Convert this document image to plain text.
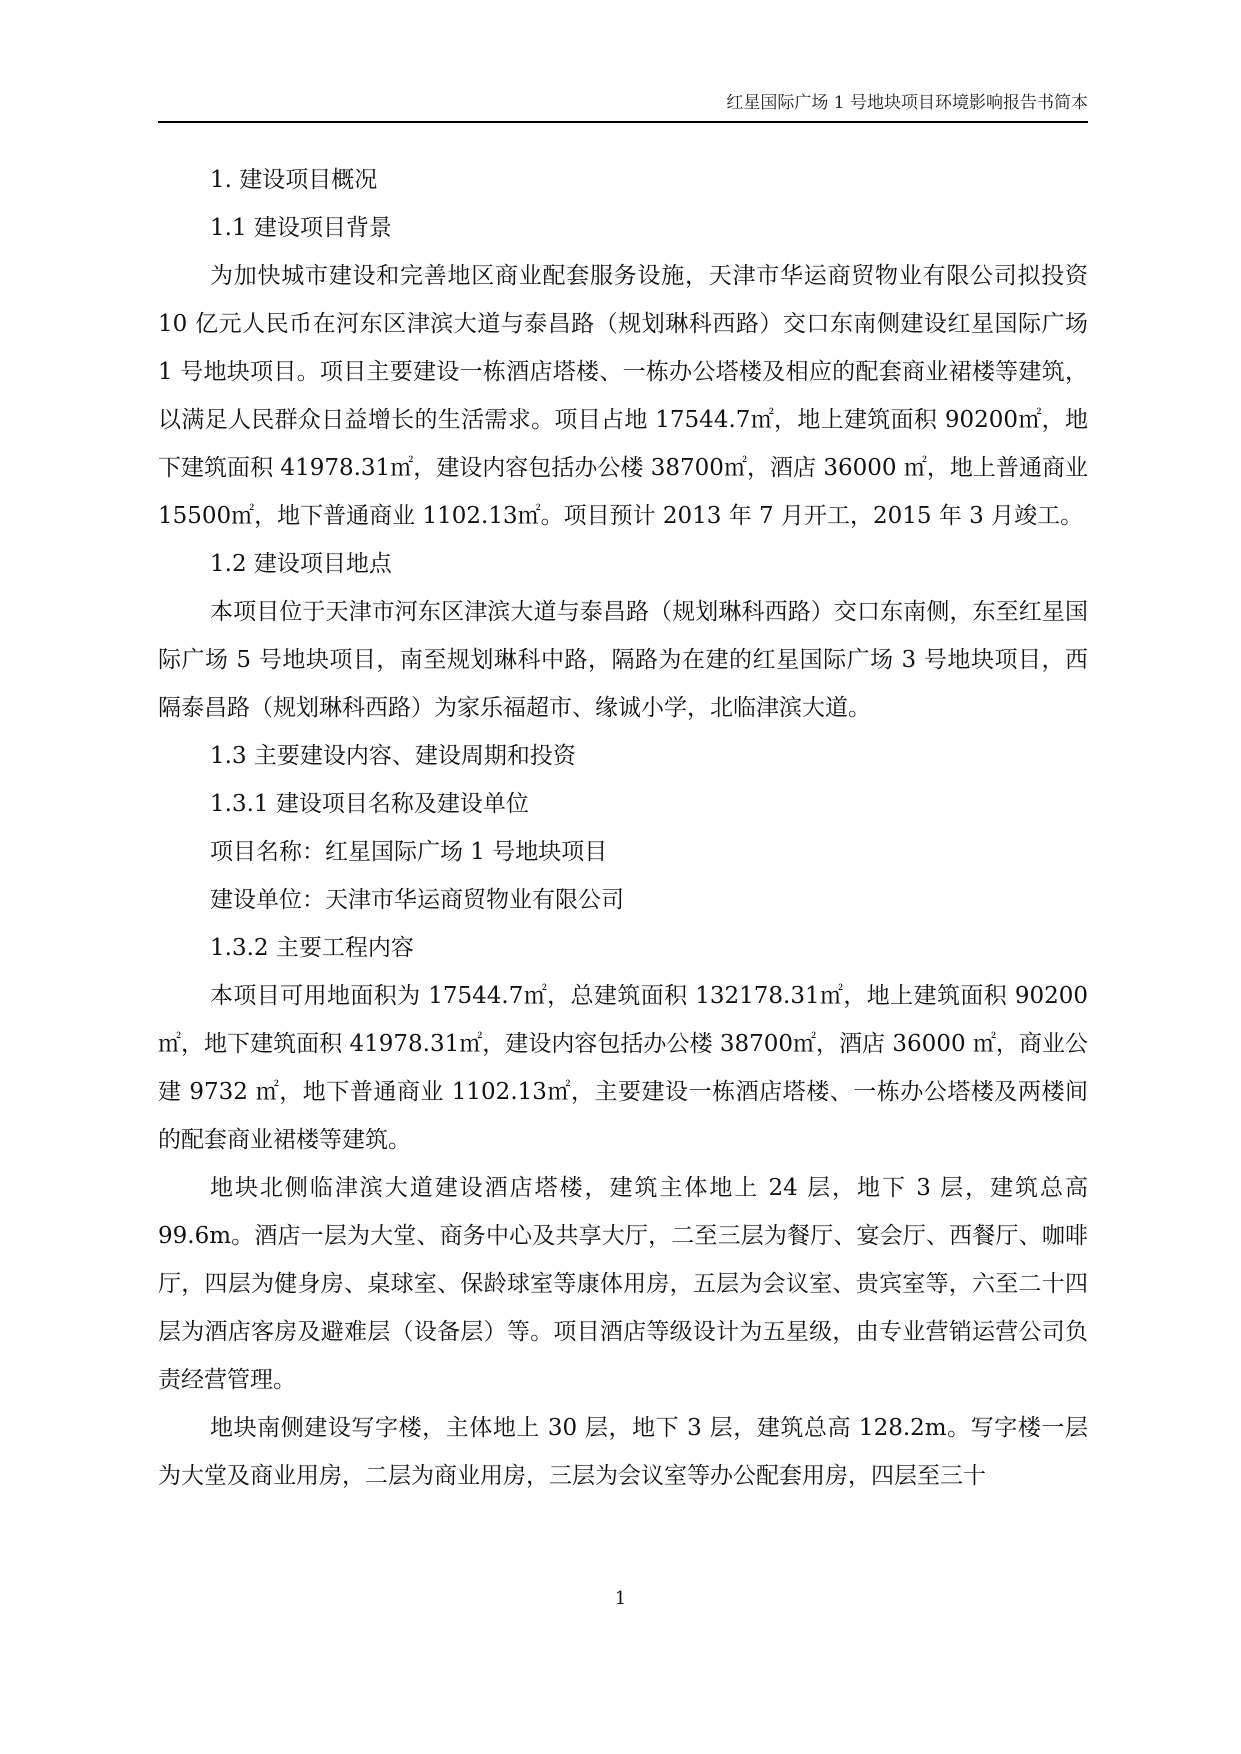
红星国际广场 1 号地块项目环境影响报告书简本
1. 建设项目概况
1.1 建设项目背景

为加快城市建设和完善地区商业配套服务设施，天津市华运商贸物业有限公司拟投资 10 亿元人民币在河东区津滨大道与泰昌路（规划琳科西路）交口东南侧建设红星国际广场 1 号地块项目。项目主要建设一栋酒店塔楼、一栋办公塔楼及相应的配套商业裙楼等建筑，以满足人民群众日益增长的生活需求。项目占地 17544.7㎡，地上建筑面积 90200㎡，地下建筑面积 41978.31㎡，建设内容包括办公楼 38700㎡，酒店 36000 ㎡，地上普通商业 15500㎡，地下普通商业 1102.13㎡。项目预计 2013 年 7 月开工，2015 年 3 月竣工。

1.2 建设项目地点

本项目位于天津市河东区津滨大道与泰昌路（规划琳科西路）交口东南侧，东至红星国际广场 5 号地块项目，南至规划琳科中路，隔路为在建的红星国际广场 3 号地块项目，西隔泰昌路（规划琳科西路）为家乐福超市、缘诚小学，北临津滨大道。

1.3 主要建设内容、建设周期和投资
1.3.1 建设项目名称及建设单位
项目名称：红星国际广场 1 号地块项目
建设单位：天津市华运商贸物业有限公司
1.3.2 主要工程内容

本项目可用地面积为 17544.7㎡，总建筑面积 132178.31㎡，地上建筑面积 90200㎡，地下建筑面积 41978.31㎡，建设内容包括办公楼 38700㎡，酒店 36000 ㎡，商业公建 9732 ㎡，地下普通商业 1102.13㎡，主要建设一栋酒店塔楼、一栋办公塔楼及两楼间的配套商业裙楼等建筑。

地块北侧临津滨大道建设酒店塔楼，建筑主体地上 24 层，地下 3 层，建筑总高 99.6m。酒店一层为大堂、商务中心及共享大厅，二至三层为餐厅、宴会厅、西餐厅、咖啡厅，四层为健身房、桌球室、保龄球室等康体用房，五层为会议室、贵宾室等，六至二十四层为酒店客房及避难层（设备层）等。项目酒店等级设计为五星级，由专业营销运营公司负责经营管理。

地块南侧建设写字楼，主体地上 30 层，地下 3 层，建筑总高 128.2m。写字楼一层为大堂及商业用房，二层为商业用房，三层为会议室等办公配套用房，四层至三十

1
